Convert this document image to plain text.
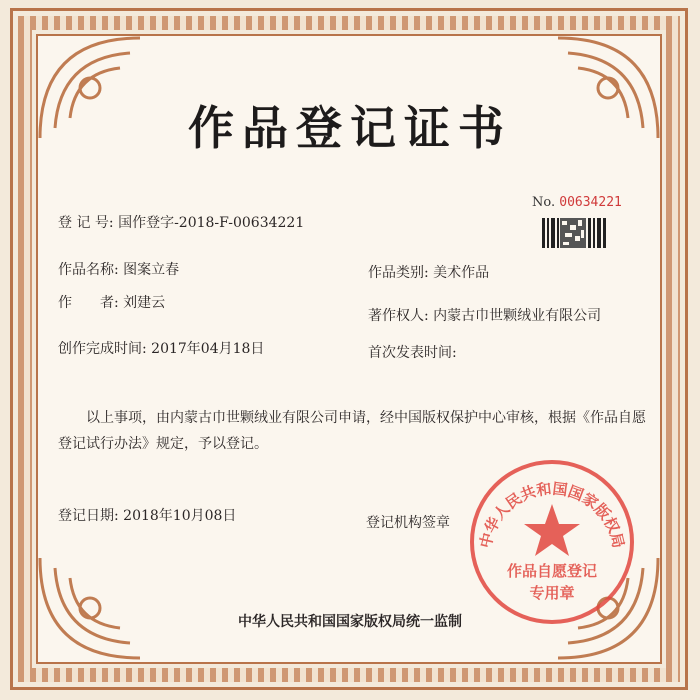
作品登记证书
No. 00634221
登 记 号: 国作登字-2018-F-00634221
作品名称: 图案立春	作品类别: 美术作品
作　　者: 刘建云
著作权人: 内蒙古巾世颗绒业有限公司
创作完成时间: 2017年04月18日	首次发表时间:
以上事项，由内蒙古巾世颗绒业有限公司申请，经中国版权保护中心审核，根据《作品自愿登记试行办法》规定，予以登记。
登记日期: 2018年10月08日	登记机构签章
中华人民共和国国家版权局
作品自愿登记
专用章
中华人民共和国国家版权局统一监制
